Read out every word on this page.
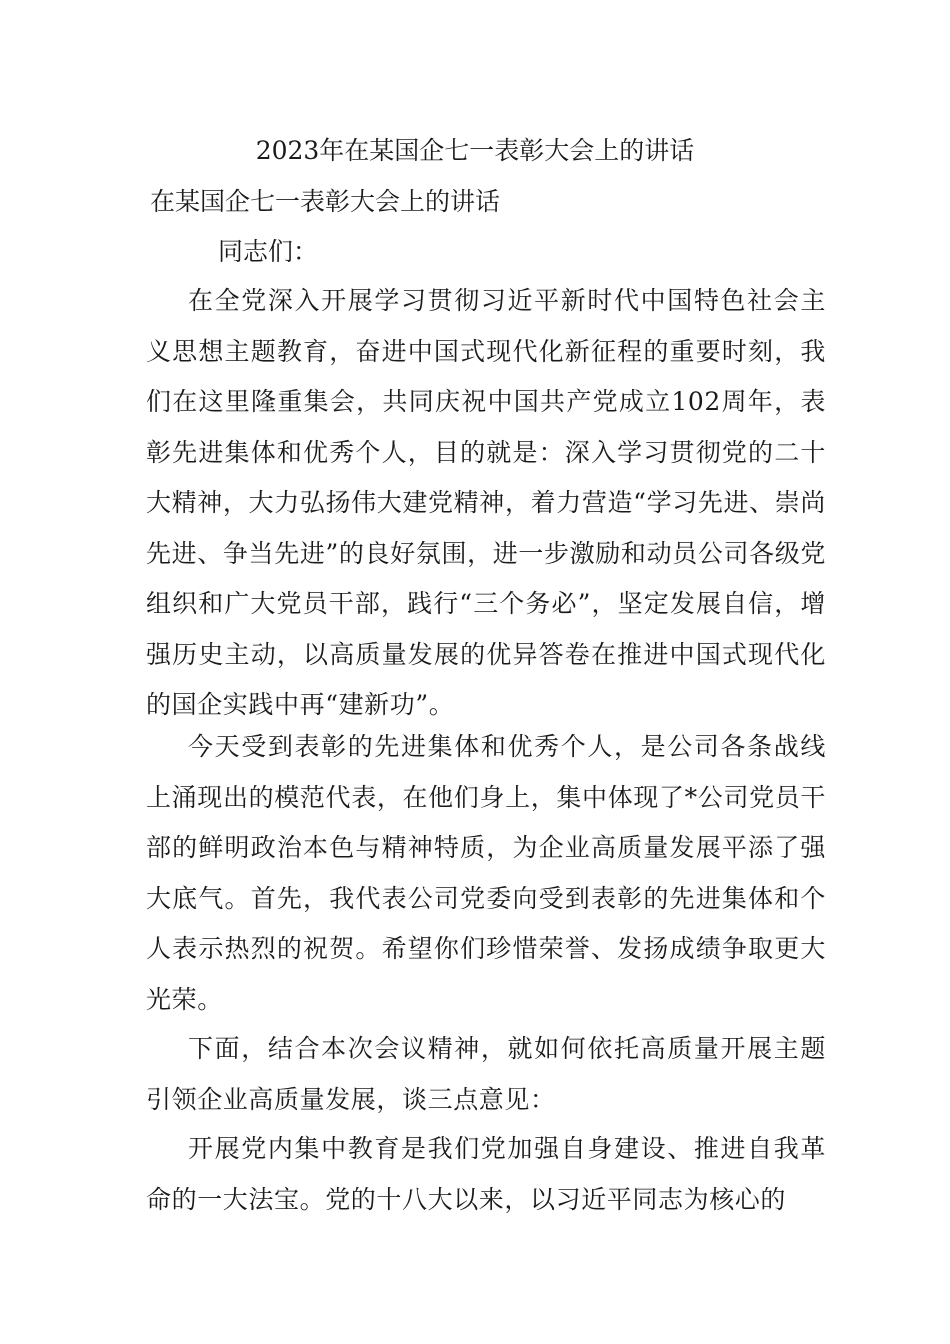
2023年在某国企七一表彰大会上的讲话
在某国企七一表彰大会上的讲话
同志们：

在全党深入开展学习贯彻习近平新时代中国特色社会主义思想主题教育，奋进中国式现代化新征程的重要时刻，我们在这里隆重集会，共同庆祝中国共产党成立102周年，表彰先进集体和优秀个人，目的就是：深入学习贯彻党的二十大精神，大力弘扬伟大建党精神，着力营造“学习先进、崇尚先进、争当先进”的良好氛围，进一步激励和动员公司各级党组织和广大党员干部，践行“三个务必”，坚定发展自信，增强历史主动，以高质量发展的优异答卷在推进中国式现代化的国企实践中再“建新功”。

今天受到表彰的先进集体和优秀个人，是公司各条战线上涌现出的模范代表，在他们身上，集中体现了*公司党员干部的鲜明政治本色与精神特质，为企业高质量发展平添了强大底气。首先，我代表公司党委向受到表彰的先进集体和个人表示热烈的祝贺。希望你们珍惜荣誉、发扬成绩争取更大光荣。

下面，结合本次会议精神，就如何依托高质量开展主题引领企业高质量发展，谈三点意见：

开展党内集中教育是我们党加强自身建设、推进自我革命的一大法宝。党的十八大以来，以习近平同志为核心的
